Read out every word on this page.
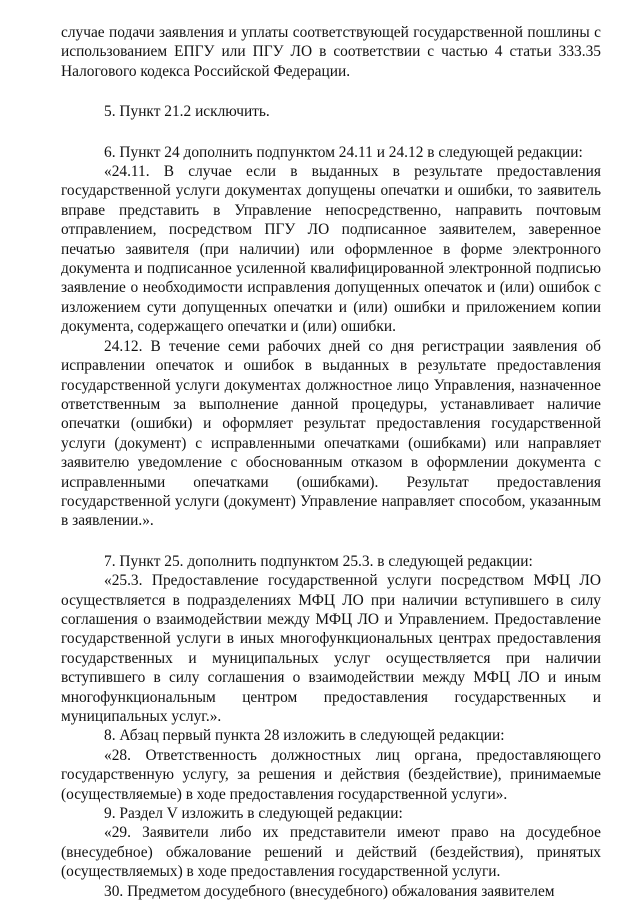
случае подачи заявления и уплаты соответствующей государственной пошлины с использованием ЕПГУ или ПГУ ЛО в соответствии с частью 4 статьи 333.35 Налогового кодекса Российской Федерации.

5. Пункт 21.2 исключить.

6. Пункт 24 дополнить подпунктом 24.11 и 24.12 в следующей редакции:

«24.11. В случае если в выданных в результате предоставления государственной услуги документах допущены опечатки и ошибки, то заявитель вправе представить в Управление непосредственно, направить почтовым отправлением, посредством ПГУ ЛО подписанное заявителем, заверенное печатью заявителя (при наличии) или оформленное в форме электронного документа и подписанное усиленной квалифицированной электронной подписью заявление о необходимости исправления допущенных опечаток и (или) ошибок с изложением сути допущенных опечатки и (или) ошибки и приложением копии документа, содержащего опечатки и (или) ошибки.

24.12. В течение семи рабочих дней со дня регистрации заявления об исправлении опечаток и ошибок в выданных в результате предоставления государственной услуги документах должностное лицо Управления, назначенное ответственным за выполнение данной процедуры, устанавливает наличие опечатки (ошибки) и оформляет результат предоставления государственной услуги (документ) с исправленными опечатками (ошибками) или направляет заявителю уведомление с обоснованным отказом в оформлении документа с исправленными опечатками (ошибками). Результат предоставления государственной услуги (документ) Управление направляет способом, указанным в заявлении.».

7. Пункт 25. дополнить подпунктом 25.3. в следующей редакции:

«25.3. Предоставление государственной услуги посредством МФЦ ЛО осуществляется в подразделениях МФЦ ЛО при наличии вступившего в силу соглашения о взаимодействии между МФЦ ЛО и Управлением. Предоставление государственной услуги в иных многофункциональных центрах предоставления государственных и муниципальных услуг осуществляется при наличии вступившего в силу соглашения о взаимодействии между МФЦ ЛО и иным многофункциональным центром предоставления государственных и муниципальных услуг.».

8. Абзац первый пункта 28 изложить в следующей редакции:

«28. Ответственность должностных лиц органа, предоставляющего государственную услугу, за решения и действия (бездействие), принимаемые (осуществляемые) в ходе предоставления государственной услуги».

9. Раздел V изложить в следующей редакции:

«29. Заявители либо их представители имеют право на досудебное (внесудебное) обжалование решений и действий (бездействия), принятых (осуществляемых) в ходе предоставления государственной услуги.

30. Предметом досудебного (внесудебного) обжалования заявителем
